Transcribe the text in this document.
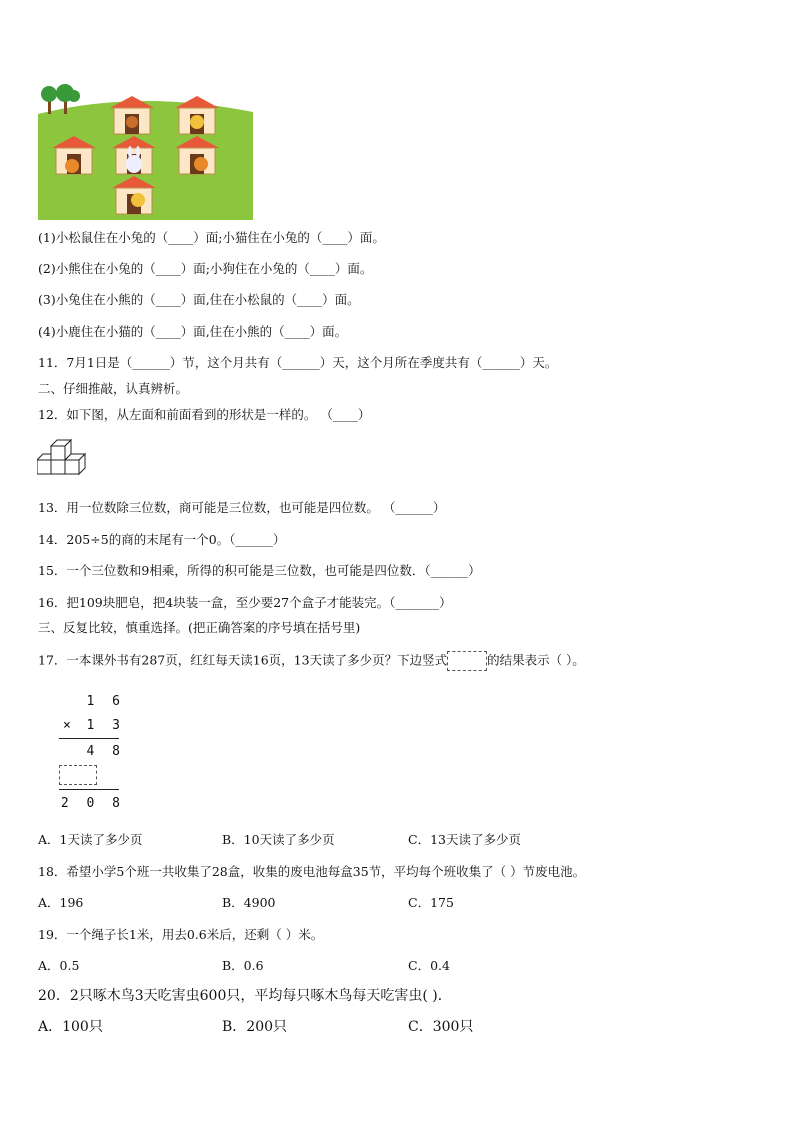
(1)小松鼠住在小兔的（____）面;小猫住在小兔的（____）面。
(2)小熊住在小兔的（____）面;小狗住在小兔的（____）面。
(3)小兔住在小熊的（____）面,住在小松鼠的（____）面。
(4)小鹿住在小猫的（____）面,住在小熊的（____）面。
11．7月1日是（______）节，这个月共有（______）天，这个月所在季度共有（______）天。
二、仔细推敲，认真辨析。
12．如下图，从左面和前面看到的形状是一样的。 （____）
13．用一位数除三位数，商可能是三位数，也可能是四位数。 （______）
14．205÷5的商的末尾有一个0。（______）
15．一个三位数和9相乘，所得的积可能是三位数，也可能是四位数．（______）
16．把109块肥皂，把4块装一盒，至少要27个盒子才能装完。（_______）
三、反复比较，慎重选择。(把正确答案的序号填在括号里)
17．一本课外书有287页，红红每天读16页，13天读了多少页？下边竖式	的结果表示（ ）。
1 6
× 1 3
4 8
2 0 8
A．1天读了多少页	B．10天读了多少页	C．13天读了多少页
18．希望小学5个班一共收集了28盒，收集的废电池每盒35节，平均每个班收集了（ ）节废电池。
A．196	B．4900	C．175
19．一个绳子长1米，用去0.6米后，还剩（ ）米。
A．0.5	B．0.6	C．0.4
20．2只啄木鸟3天吃害虫600只，平均每只啄木鸟每天吃害虫( )．
A．100只	B．200只	C．300只
